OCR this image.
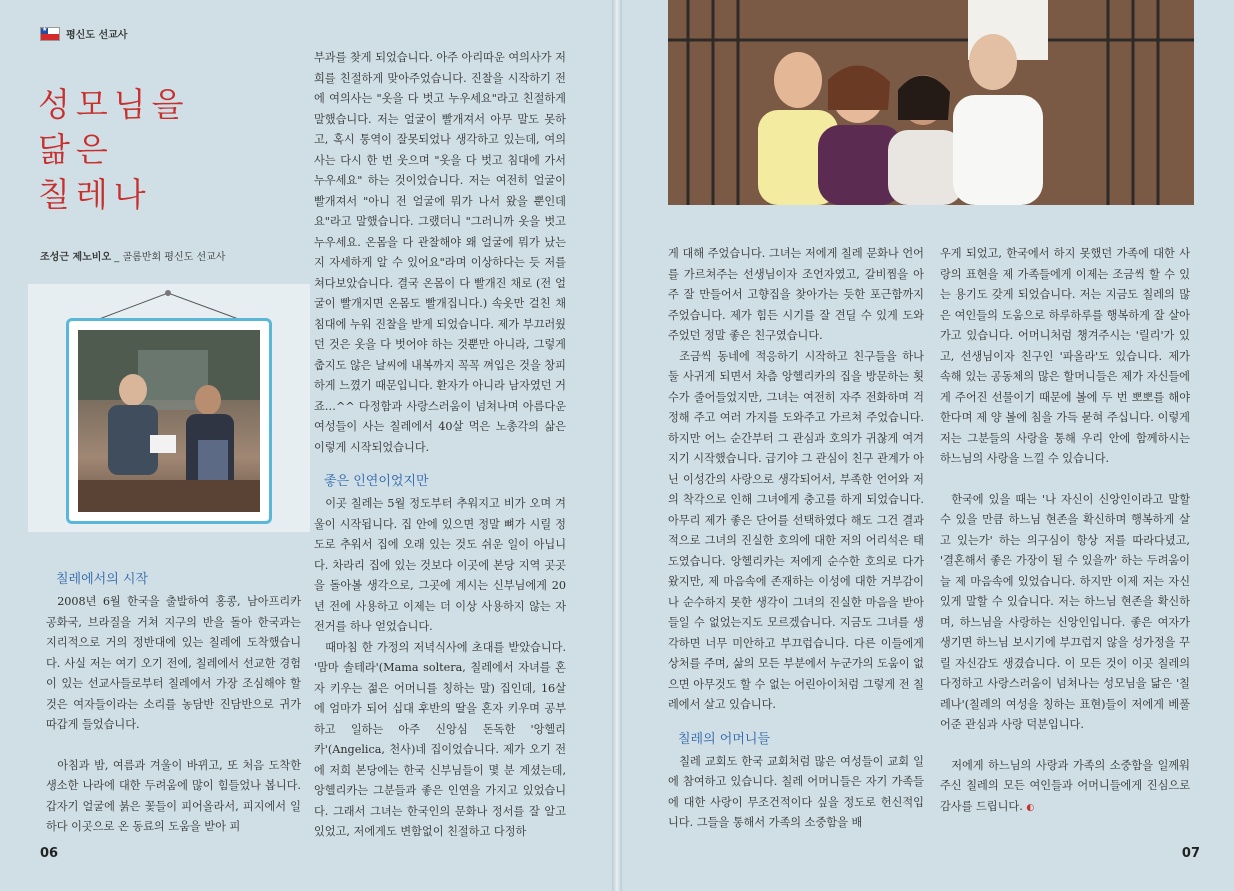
★
평신도 선교사
성모님을
닮은
칠레나
조성근 제노비오 _ 골롬반회 평신도 선교사
칠레에서의 시작

2008년 6월 한국을 출발하여 홍콩, 남아프리카 공화국, 브라질을 거쳐 지구의 반을 돌아 한국과는 지리적으로 거의 정반대에 있는 칠레에 도착했습니다. 사실 저는 여기 오기 전에, 칠레에서 선교한 경험이 있는 선교사들로부터 칠레에서 가장 조심해야 할 것은 여자들이라는 소리를 농담반 진담반으로 귀가 따갑게 들었습니다.

아침과 밤, 여름과 겨울이 바뀌고, 또 처음 도착한 생소한 나라에 대한 두려움에 많이 힘들었나 봅니다. 갑자기 얼굴에 붉은 꽃들이 피어올라서, 피지에서 일하다 이곳으로 온 동료의 도움을 받아 피

부과를 찾게 되었습니다. 아주 아리따운 여의사가 저희를 친절하게 맞아주었습니다. 진찰을 시작하기 전에 여의사는 "옷을 다 벗고 누우세요"라고 친절하게 말했습니다. 저는 얼굴이 빨개져서 아무 말도 못하고, 혹시 통역이 잘못되었나 생각하고 있는데, 여의사는 다시 한 번 웃으며 "옷을 다 벗고 침대에 가서 누우세요" 하는 것이었습니다. 저는 여전히 얼굴이 빨개져서 "아니 전 얼굴에 뭐가 나서 왔을 뿐인데요"라고 말했습니다. 그랬더니 "그러니까 옷을 벗고 누우세요. 온몸을 다 관찰해야 왜 얼굴에 뭐가 났는지 자세하게 알 수 있어요"라며 이상하다는 듯 저를 쳐다보았습니다. 결국 온몸이 다 빨개진 채로 (전 얼굴이 빨개지면 온몸도 빨개집니다.) 속옷만 걸친 채 침대에 누워 진찰을 받게 되었습니다. 제가 부끄러웠던 것은 옷을 다 벗어야 하는 것뿐만 아니라, 그렇게 춥지도 않은 날씨에 내복까지 꼭꼭 껴입은 것을 창피하게 느꼈기 때문입니다. 환자가 아니라 남자였던 거죠…^^ 다정함과 사랑스러움이 넘쳐나며 아름다운 여성들이 사는 칠레에서 40살 먹은 노총각의 삶은 이렇게 시작되었습니다.

좋은 인연이었지만

이곳 칠레는 5월 정도부터 추워지고 비가 오며 겨울이 시작됩니다. 집 안에 있으면 정말 뼈가 시릴 정도로 추워서 집에 오래 있는 것도 쉬운 일이 아닙니다. 차라리 집에 있는 것보다 이곳에 본당 지역 곳곳을 돌아볼 생각으로, 그곳에 계시는 신부님에게 20년 전에 사용하고 이제는 더 이상 사용하지 않는 자전거를 하나 얻었습니다.

때마침 한 가정의 저녁식사에 초대를 받았습니다. '맘마 솔테라'(Mama soltera, 칠레에서 자녀를 혼자 키우는 젊은 어머니를 칭하는 말) 집인데, 16살에 엄마가 되어 십대 후반의 딸을 혼자 키우며 공부하고 일하는 아주 신앙심 돈독한 '앙헬리카'(Angelica, 천사)네 집이었습니다. 제가 오기 전에 저희 본당에는 한국 신부님들이 몇 분 계셨는데, 앙헬리카는 그분들과 좋은 인연을 가지고 있었습니다. 그래서 그녀는 한국인의 문화나 정서를 잘 알고 있었고, 저에게도 변함없이 친절하고 다정하

06

게 대해 주었습니다. 그녀는 저에게 칠레 문화나 언어를 가르쳐주는 선생님이자 조언자였고, 갈비찜을 아주 잘 만들어서 고향집을 찾아가는 듯한 포근함까지 주었습니다. 제가 힘든 시기를 잘 견딜 수 있게 도와주었던 정말 좋은 친구였습니다.

조금씩 동네에 적응하기 시작하고 친구들을 하나 둘 사귀게 되면서 차츰 앙헬리카의 집을 방문하는 횟수가 줄어들었지만, 그녀는 여전히 자주 전화하며 걱정해 주고 여러 가지를 도와주고 가르쳐 주었습니다. 하지만 어느 순간부터 그 관심과 호의가 귀찮게 여겨지기 시작했습니다. 급기야 그 관심이 친구 관계가 아닌 이성간의 사랑으로 생각되어서, 부족한 언어와 저의 착각으로 인해 그녀에게 충고를 하게 되었습니다. 아무리 제가 좋은 단어를 선택하였다 해도 그건 결과적으로 그녀의 진실한 호의에 대한 저의 어리석은 태도였습니다. 앙헬리카는 저에게 순수한 호의로 다가왔지만, 제 마음속에 존재하는 이성에 대한 거부감이나 순수하지 못한 생각이 그녀의 진실한 마음을 받아들일 수 없었는지도 모르겠습니다. 지금도 그녀를 생각하면 너무 미안하고 부끄럽습니다. 다른 이들에게 상처를 주며, 삶의 모든 부분에서 누군가의 도움이 없으면 아무것도 할 수 없는 어린아이처럼 그렇게 전 칠레에서 살고 있습니다.

칠레의 어머니들

칠레 교회도 한국 교회처럼 많은 여성들이 교회 일에 참여하고 있습니다. 칠레 어머니들은 자기 가족들에 대한 사랑이 무조건적이다 싶을 정도로 헌신적입니다. 그들을 통해서 가족의 소중함을 배

우게 되었고, 한국에서 하지 못했던 가족에 대한 사랑의 표현을 제 가족들에게 이제는 조금씩 할 수 있는 용기도 갖게 되었습니다. 저는 지금도 칠레의 많은 여인들의 도움으로 하루하루를 행복하게 잘 살아가고 있습니다. 어머니처럼 챙겨주시는 '릴리'가 있고, 선생님이자 친구인 '파올라'도 있습니다. 제가 속해 있는 공동체의 많은 할머니들은 제가 자신들에게 주어진 선물이기 때문에 볼에 두 번 뽀뽀를 해야 한다며 제 양 볼에 침을 가득 묻혀 주십니다. 이렇게 저는 그분들의 사랑을 통해 우리 안에 함께하시는 하느님의 사랑을 느낄 수 있습니다.

한국에 있을 때는 '나 자신이 신앙인이라고 말할 수 있을 만큼 하느님 현존을 확신하며 행복하게 살고 있는가' 하는 의구심이 항상 저를 따라다녔고, '결혼해서 좋은 가장이 될 수 있을까' 하는 두려움이 늘 제 마음속에 있었습니다. 하지만 이제 저는 자신 있게 말할 수 있습니다. 저는 하느님 현존을 확신하며, 하느님을 사랑하는 신앙인입니다. 좋은 여자가 생기면 하느님 보시기에 부끄럽지 않을 성가정을 꾸릴 자신감도 생겼습니다. 이 모든 것이 이곳 칠레의 다정하고 사랑스러움이 넘쳐나는 성모님을 닮은 '칠레나'(칠레의 여성을 칭하는 표현)들이 저에게 베풀어준 관심과 사랑 덕분입니다.

저에게 하느님의 사랑과 가족의 소중함을 일께워주신 칠레의 모든 여인들과 어머니들에게 진심으로 감사를 드립니다. ◐

07
